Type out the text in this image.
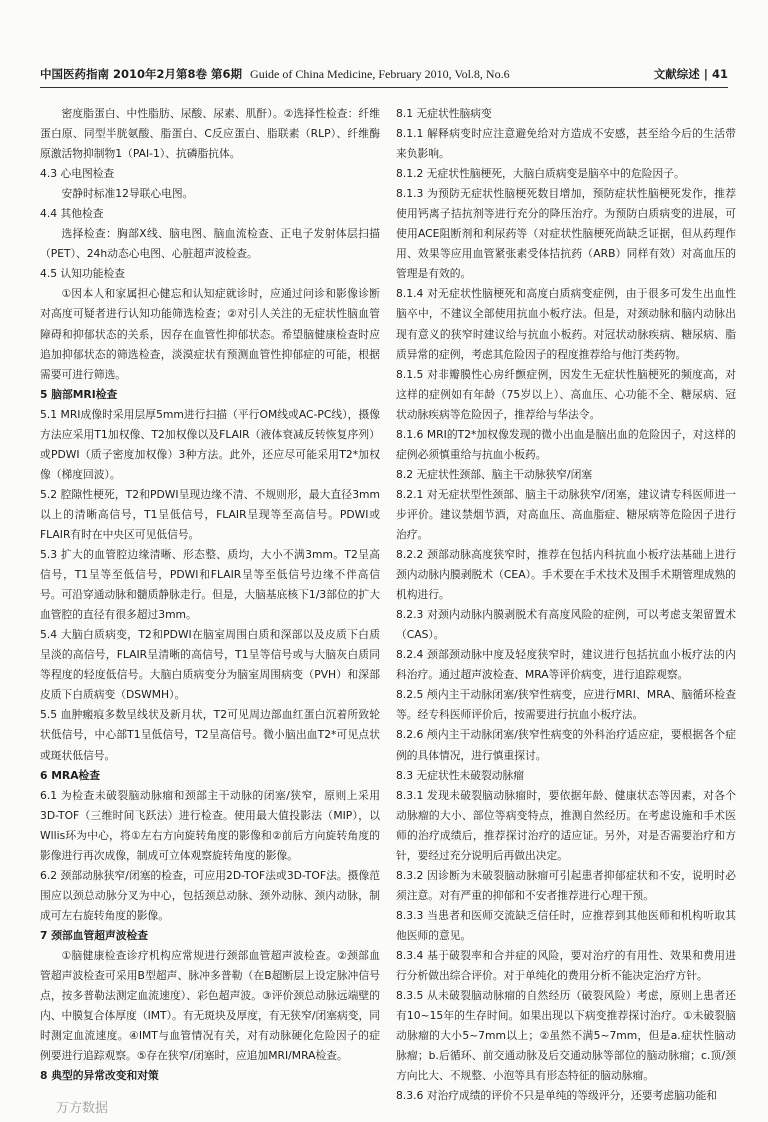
中国医药指南 2010年2月第8卷 第6期 Guide of China Medicine, February 2010, Vol.8, No.6	文献综述 | 41

密度脂蛋白、中性脂肪、尿酸、尿素、肌酐）。②选择性检查：纤维蛋白原、同型半胱氨酸、脂蛋白、C反应蛋白、脂联素（RLP）、纤维酶原激活物抑制物1（PAI-1）、抗磷脂抗体。

4.3 心电图检查

安静时标准12导联心电图。

4.4 其他检查

选择检查：胸部X线、脑电图、脑血流检查、正电子发射体层扫描（PET）、24h动态心电图、心脏超声波检查。

4.5 认知功能检查

①因本人和家属担心健忘和认知症就诊时，应通过问诊和影像诊断对高度可疑者进行认知功能筛选检查；②对引人关注的无症状性脑血管障碍和抑郁状态的关系，因存在血管性抑郁状态。希望脑健康检查时应追加抑郁状态的筛选检查，淡漠症状有预测血管性抑郁症的可能，根据需要可进行筛选。

5 脑部MRI检查

5.1 MRI成像时采用层厚5mm进行扫描（平行OM线或AC-PC线），摄像方法应采用T1加权像、T2加权像以及FLAIR（液体衰减反转恢复序列）或PDWI（质子密度加权像）3种方法。此外，还应尽可能采用T2*加权像（梯度回波）。

5.2 腔隙性梗死，T2和PDWI呈现边缘不清、不规则形，最大直径3mm以上的清晰高信号，T1呈低信号，FLAIR呈现等至高信号。PDWI或FLAIR有时在中央区可见低信号。

5.3 扩大的血管腔边缘清晰、形态整、质均，大小不满3mm。T2呈高信号，T1呈等至低信号，PDWI和FLAIR呈等至低信号边缘不伴高信号。可沿穿通动脉和髓质静脉走行。但是，大脑基底核下1/3部位的扩大血管腔的直径有很多超过3mm。

5.4 大脑白质病变，T2和PDWI在脑室周围白质和深部以及皮质下白质呈淡的高信号，FLAIR呈清晰的高信号，T1呈等信号或与大脑灰白质同等程度的轻度低信号。大脑白质病变分为脑室周围病变（PVH）和深部皮质下白质病变（DSWMH）。

5.5 血肿瘢痕多数呈线状及新月状，T2可见周边部血红蛋白沉着所致轮状低信号，中心部T1呈低信号，T2呈高信号。微小脑出血T2*可见点状或斑状低信号。

6 MRA检查

6.1 为检查未破裂脑动脉瘤和颈部主干动脉的闭塞/狭窄，原则上采用3D-TOF（三维时间飞跃法）进行检查。使用最大值投影法（MIP），以Wllis环为中心，将①左右方向旋转角度的影像和②前后方向旋转角度的影像进行再次成像，制成可立体观察旋转角度的影像。

6.2 颈部动脉狭窄/闭塞的检查，可应用2D-TOF法或3D-TOF法。摄像范围应以颈总动脉分叉为中心，包括颈总动脉、颈外动脉、颈内动脉，制成可左右旋转角度的影像。

7 颈部血管超声波检查

①脑健康检查诊疗机构应常规进行颈部血管超声波检查。②颈部血管超声波检查可采用B型超声、脉冲多普勒（在B超断层上设定脉冲信号点，按多普勒法测定血流速度）、彩色超声波。③评价颈总动脉远端壁的内、中膜复合体厚度（IMT）。有无斑块及厚度，有无狭窄/闭塞病变，同时测定血流速度。④IMT与血管情况有关，对有动脉硬化危险因子的症例要进行追踪观察。⑤存在狭窄/闭塞时，应追加MRI/MRA检查。

8 典型的异常改变和对策

8.1 无症状性脑病变

8.1.1 解释病变时应注意避免给对方造成不安感，甚至给今后的生活带来负影响。

8.1.2 无症状性脑梗死，大脑白质病变是脑卒中的危险因子。

8.1.3 为预防无症状性脑梗死数目增加，预防症状性脑梗死发作，推荐使用钙离子拮抗剂等进行充分的降压治疗。为预防白质病变的进展，可使用ACE阻断剂和利尿药等（对症状性脑梗死尚缺乏证据，但从药理作用、效果等应用血管紧张素受体拮抗药（ARB）同样有效）对高血压的管理是有效的。

8.1.4 对无症状性脑梗死和高度白质病变症例，由于很多可发生出血性脑卒中，不建议全部使用抗血小板疗法。但是，对颈动脉和脑内动脉出现有意义的狭窄时建议给与抗血小板药。对冠状动脉疾病、糖尿病、脂质异常的症例，考虑其危险因子的程度推荐给与他汀类药物。

8.1.5 对非瓣膜性心房纤颤症例，因发生无症状性脑梗死的频度高，对这样的症例如有年龄（75岁以上）、高血压、心功能不全、糖尿病、冠状动脉疾病等危险因子，推荐给与华法令。

8.1.6 MRI的T2*加权像发现的微小出血是脑出血的危险因子，对这样的症例必须慎重给与抗血小板药。

8.2 无症状性颈部、脑主干动脉狭窄/闭塞

8.2.1 对无症状型性颈部、脑主干动脉狭窄/闭塞，建议请专科医师进一步评价。建议禁烟节酒，对高血压、高血脂症、糖尿病等危险因子进行治疗。

8.2.2 颈部动脉高度狭窄时，推荐在包括内科抗血小板疗法基础上进行颈内动脉内膜剥脱术（CEA）。手术要在手术技术及围手术期管理成熟的机构进行。

8.2.3 对颈内动脉内膜剥脱术有高度风险的症例，可以考虑支架留置术（CAS）。

8.2.4 颈部颈动脉中度及轻度狭窄时，建议进行包括抗血小板疗法的内科治疗。通过超声波检查、MRA等评价病变，进行追踪观察。

8.2.5 颅内主干动脉闭塞/狭窄性病变，应进行MRI、MRA、脑循环检查等。经专科医师评价后，按需要进行抗血小板疗法。

8.2.6 颅内主干动脉闭塞/狭窄性病变的外科治疗适应症，要根据各个症例的具体情况，进行慎重探讨。

8.3 无症状性未破裂动脉瘤

8.3.1 发现未破裂脑动脉瘤时，要依据年龄、健康状态等因素，对各个动脉瘤的大小、部位等病变特点，推测自然经历。在考虑设施和手术医师的治疗成绩后，推荐探讨治疗的适应证。另外，对是否需要治疗和方针，要经过充分说明后再做出决定。

8.3.2 因诊断为未破裂脑动脉瘤可引起患者抑郁症状和不安，说明时必须注意。对有严重的抑郁和不安者推荐进行心理干预。

8.3.3 当患者和医师交流缺乏信任时，应推荐到其他医师和机构听取其他医师的意见。

8.3.4 基于破裂率和合并症的风险，要对治疗的有用性、效果和费用进行分析做出综合评价。对于单纯化的费用分析不能决定治疗方针。

8.3.5 从未破裂脑动脉瘤的自然经历（破裂风险）考虑，原则上患者还有10~15年的生存时间。如果出现以下病变推荐探讨治疗。①未破裂脑动脉瘤的大小5~7mm以上；②虽然不满5~7mm，但是a.症状性脑动脉瘤；b.后循环、前交通动脉及后交通动脉等部位的脑动脉瘤；c.顶/颈方向比大、不规整、小泡等具有形态特征的脑动脉瘤。

8.3.6 对治疗成绩的评价不只是单纯的等级评分，还要考虑脑功能和

万方数据
